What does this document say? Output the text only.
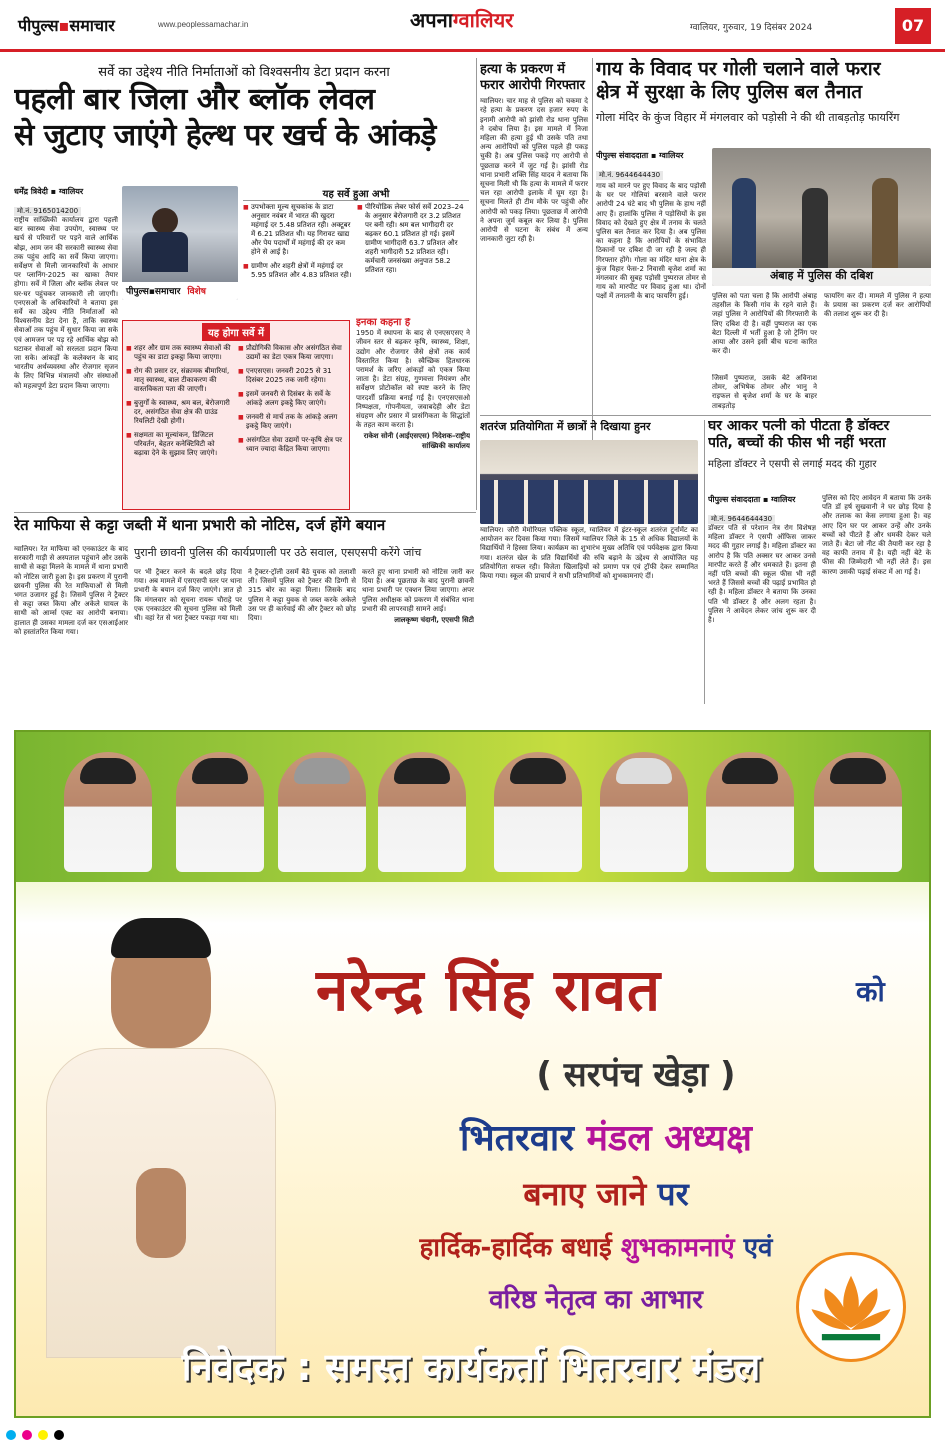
पीपुल्स▪समाचार	www.peoplessamachar.in	अपनाग्वालियर	ग्वालियर, गुरुवार, 19 दिसंबर 2024	07
सर्वे का उद्देश्य नीति निर्माताओं को विश्वसनीय डेटा प्रदान करना
पहली बार जिला और ब्लॉक लेवल
से जुटाए जाएंगे हेल्थ पर खर्च के आंकड़े
धर्मेंद्र त्रिवेदी ▪ ग्वालियर
मो.नं. 9165014200
राष्ट्रीय सांख्यिकी कार्यालय द्वारा पहली बार स्वास्थ्य सेवा उपयोग, स्वास्थ्य पर खर्च से परिवारों पर पड़ने वाले आर्थिक बोझ, आम जन की सरकारी स्वास्थ्य सेवा तक पहुंच आदि का सर्वे किया जाएगा। सर्वेक्षण से मिली जानकारियों के आधार पर प्लानिंग-2025 का खाका तैयार होगा। सर्वे में जिला और ब्लॉक लेवल पर घर-घर पहुंचकर जानकारी ली जाएगी। एनएसओ के अधिकारियों ने बताया इस सर्वे का उद्देश्य नीति निर्माताओं को विश्वसनीय डेटा देना है, ताकि स्वास्थ्य सेवाओं तक पहुंच में सुधार किया जा सके एवं आमजन पर पड़ रहे आर्थिक बोझ को घटाकर सेवाओं को सरलता प्रदान किया जा सके। आंकड़ों के कलेक्शन के बाद भारतीय अर्थव्यवस्था और रोजगार सृजन के लिए विभिन्न मंत्रालयों और संस्थाओं को महत्वपूर्ण डेटा प्रदान किया जाएगा।
पीपुल्स▪समाचार विशेष
यह सर्वे हुआ अभी
■ उपभोक्ता मूल्य सूचकांक के डाटा अनुसार नवंबर में भारत की खुदरा महंगाई दर 5.48 प्रतिशत रही। अक्टूबर में 6.21 प्रतिशत थी। यह गिरावट खाद्य और पेय पदार्थों में महंगाई की दर कम होने से आई है।
■ ग्रामीण और शहरी क्षेत्रों में महंगाई दर 5.95 प्रतिशत और 4.83 प्रतिशत रही।
■ पीरियोडिक लेबर फोर्स सर्वे 2023–24 के अनुसार बेरोजगारी दर 3.2 प्रतिशत पर बनी रही। श्रम बल भागीदारी दर बढ़कर 60.1 प्रतिशत हो गई। इसमें ग्रामीण भागीदारी 63.7 प्रतिशत और शहरी भागीदारी 52 प्रतिशत रही। कर्मचारी जनसंख्या अनुपात 58.2 प्रतिशत रहा।
यह होगा सर्वे में
■ शहर और ग्राम तक स्वास्थ्य सेवाओं की पहुंच का डाटा इकट्ठा किया जाएगा।
■ रोग की प्रसार दर, संक्रामक बीमारियां, मातृ स्वास्थ्य, बाल टीकाकरण की वास्तविकता पता की जाएगी।
■ बुजुर्गों के स्वास्थ्य, श्रम बल, बेरोजगारी दर, असंगठित सेवा क्षेत्र की ग्राउंड रियलिटी देखी होगी।
■ सक्षमता का मूल्यांकन, डिजिटल परिवर्तन, बेहतर कनेक्टिविटी को बढ़ावा देने के सुझाव लिए जाएंगे।
■ प्रौद्योगिकी विकास और असंगठित सेवा उद्यमों का डेटा एकत्र किया जाएगा।
■ एनएसएस। जनवरी 2025 से 31 दिसंबर 2025 तक जारी रहेगा।
■ इसमें जनवरी से दिसंबर के सर्वे के आंकड़े अलग इकट्ठे किए जाएंगे।
■ जनवरी से मार्च तक के आंकड़े अलग इकट्ठे किए जाएंगे।
■ असंगठित सेवा उद्यमों पर-कृषि क्षेत्र पर ध्यान ज्यादा केंद्रित किया जाएगा।
इनका कहना है
1950 में स्थापना के बाद से एनएसएसए ने जीवन स्तर से बढ़कर कृषि, स्वास्थ्य, शिक्षा, उद्योग और रोजगार जैसे क्षेत्रों तक कार्य विस्तारित किया है। स्वैच्छिक हितधारक परामर्श के जरिए आंकड़ों को एकत्र किया जाता है। डेटा संग्रह, गुणवत्ता नियंत्रण और सर्वेक्षण प्रोटोकॉल को स्पष्ट करने के लिए पारदर्शी प्रक्रिया बनाई गई है। एनएसएसओ निष्पक्षता, गोपनीयता, जवाबदेही और डेटा संग्रहण और प्रसार में प्रासंगिकता के सिद्धांतों के तहत काम करता है।
राकेश सोनी (आईएसएस) निदेशक–राष्ट्रीय सांख्यिकी कार्यालय
हत्या के प्रकरण में फरार आरोपी गिरफ्तार
ग्वालियर। चार माह से पुलिस को चकमा दे रहे हत्या के प्रकरण दस हजार रुपए के इनामी आरोपी को झांसी रोड थाना पुलिस ने दबोच लिया है। इस मामले में निजा महिला की हत्या हुई थी उसके पति तथा अन्य आरोपियों को पुलिस पहले ही पकड़ चुकी है। अब पुलिस पकड़े गए आरोपी से पूछताछ करने में जुट गई है। झांसी रोड थाना प्रभारी शक्ति सिंह यादव ने बताया कि सूचना मिली थी कि हत्या के मामले में फरार चल रहा आरोपी इलाके में घूम रहा है। सूचना मिलते ही टीम मौके पर पहुंची और आरोपी को पकड़ लिया। पूछताछ में आरोपी ने अपना जुर्म कबूल कर लिया है। पुलिस आरोपी से घटना के संबंध में अन्य जानकारी जुटा रही है।
गाय के विवाद पर गोली चलाने वाले फरार
क्षेत्र में सुरक्षा के लिए पुलिस बल तैनात
गोला मंदिर के कुंज विहार में मंगलवार को पड़ोसी ने की थी ताबड़तोड़ फायरिंग
पीपुल्स संवाददाता ▪ ग्वालियर
मो.नं. 9644644430
गाय को मारने पर हुए विवाद के बाद पड़ोसी के घर पर गोलियां बरसाने वाले फरार आरोपी 24 घंटे बाद भी पुलिस के हाथ नहीं आए हैं। हालांकि पुलिस ने पड़ोसियों के इस विवाद को देखते हुए क्षेत्र में तनाव के चलते पुलिस बल तैनात कर दिया है। अब पुलिस का कहना है कि आरोपियों के संभावित ठिकानों पर दबिश दी जा रही है जल्द ही गिरफ्तार होंगे। गोला का मंदिर थाना क्षेत्र के कुंज विहार फेस-2 निवासी बृजेश शर्मा का मंगलवार की सुबह पड़ोसी पुष्पराज तोमर से गाय को मारपीट पर विवाद हुआ था। दोनों पक्षों में तनातनी के बाद फायरिंग हुई।
अंबाह में पुलिस की दबिश
पुलिस को पता चला है कि आरोपी अंबाह तहसील के किसी गांव के रहने वाले हैं। जहां पुलिस ने आरोपियों की गिरफ्तारी के लिए दबिश दी है। वहीं पुष्पराज का एक बेटा दिल्ली में भर्ती हुआ है जो ट्रेनिंग पर आया और उसने इसी बीच घटना कारित कर दी।
फायरिंग कर दी। मामले में पुलिस ने हत्या के प्रयास का प्रकरण दर्ज कर आरोपियों की तलाश शुरू कर दी है।
जिसमें पुष्पराज, उसके बेटे अविनाश तोमर, अभिषेक तोमर और भानु ने राइफल से बृजेश शर्मा के घर के बाहर ताबड़तोड़
शतरंज प्रतियोगिता में छात्रों ने दिखाया हुनर
ग्वालियर। जौरी मेमोरियल पब्लिक स्कूल, ग्वालियर में इंटर-स्कूल शतरंज टूर्नामेंट का आयोजन कर दिवस किया गया। जिसमें ग्वालियर जिले के 15 से अधिक विद्यालयों के विद्यार्थियों ने हिस्सा लिया। कार्यक्रम का शुभारंभ मुख्य अतिथि एवं पर्यवेक्षक द्वारा किया गया। शतरंज खेल के प्रति विद्यार्थियों की रुचि बढ़ाने के उद्देश्य से आयोजित यह प्रतियोगिता सफल रही। विजेता खिलाड़ियों को प्रमाण पत्र एवं ट्रॉफी देकर सम्मानित किया गया। स्कूल की प्राचार्य ने सभी प्रतिभागियों को शुभकामनाएं दीं।
घर आकर पत्नी को पीटता है डॉक्टर
पति, बच्चों की फीस भी नहीं भरता
महिला डॉक्टर ने एसपी से लगाई मदद की गुहार
पीपुल्स संवाददाता ▪ ग्वालियर
मो.नं. 9644644430
डॉक्टर पति से परेशान नेत्र रोग विशेषज्ञ महिला डॉक्टर ने एसपी ऑफिस जाकर मदद की गुहार लगाई है। महिला डॉक्टर का आरोप है कि पति अक्सर घर आकर उनसे मारपीट करते हैं और धमकाते हैं। इतना ही नहीं पति बच्चों की स्कूल फीस भी नहीं भरते हैं जिससे बच्चों की पढ़ाई प्रभावित हो रही है। महिला डॉक्टर ने बताया कि उनका पति भी डॉक्टर है और अलग रहता है। पुलिस ने आवेदन लेकर जांच शुरू कर दी है।
पुलिस को दिए आवेदन में बताया कि उनके पति डॉ हर्ष सुखवानी ने घर छोड़ दिया है और तलाक का केस लगाया हुआ है। वह आए दिन घर पर आकर उन्हें और उनके बच्चों को पीटते हैं और धमकी देकर चले जाते हैं। बेटा जो नीट की तैयारी कर रहा है वह काफी तनाव में है। यही नहीं बेटे के फीस की जिम्मेदारी भी नहीं लेते हैं। इस कारण उसकी पढ़ाई संकट में आ गई है।
रेत माफिया से कट्टा जब्ती में थाना प्रभारी को नोटिस, दर्ज होंगे बयान
पुरानी छावनी पुलिस की कार्यप्रणाली पर उठे सवाल, एसएसपी करेंगे जांच
ग्वालियर। रेत माफिया को एनकाउंटर के बाद सरकारी गाड़ी से अस्पताल पहुंचाने और उसके साथी से कट्टा मिलने के मामले में थाना प्रभारी को नोटिस जारी हुआ है। इस प्रकरण में पुरानी छावनी पुलिस की रेत माफियाओं से मिली भगत उजागर हुई है। जिसमें पुलिस ने ट्रैक्टर से कट्टा जब्त किया और अकेले घायल के साथी को आर्म्स एक्ट का आरोपी बनाया। हालात ही उसका मामला दर्ज कर एसआईआर को हस्तांतरित किया गया।
पर भी ट्रैक्टर करने के बदले छोड़ दिया गया। अब मामले में एसएसपी स्तर पर थाना प्रभारी के बयान दर्ज किए जाएंगे। ज्ञात हो कि मंगलवार को सूचना रायरू चौराहे पर एक एनकाउंटर की सूचना पुलिस को मिली थी। वहां रेत से भरा ट्रैक्टर पकड़ा गया था।
ने ट्रैक्टर-ट्रॉली उसमें बैठे युवक को तलाशी ली। जिसमें पुलिस को ट्रैक्टर की डिग्गी से 315 बोर का कट्टा मिला। जिसके बाद पुलिस ने कट्टा युवक से जब्त करके अकेले उस पर ही कार्रवाई की और ट्रैक्टर को छोड़ दिया।
करते हुए थाना प्रभारी को नोटिस जारी कर दिया है। अब पूछताछ के बाद पुरानी छावनी थाना प्रभारी पर एक्शन लिया जाएगा। अपर पुलिस अधीक्षक को प्रकरण में संबंधित थाना प्रभारी की लापरवाही सामने आई।
लालकृष्ण चंदानी, एएसपी सिटी
नरेन्द्र सिंह रावत	को
( सरपंच खेड़ा )
भितरवार मंडल अध्यक्ष
बनाए जाने पर
हार्दिक-हार्दिक बधाई शुभकामनाएं एवं
वरिष्ठ नेतृत्व का आभार
निवेदक : समस्त कार्यकर्ता भितरवार मंडल
